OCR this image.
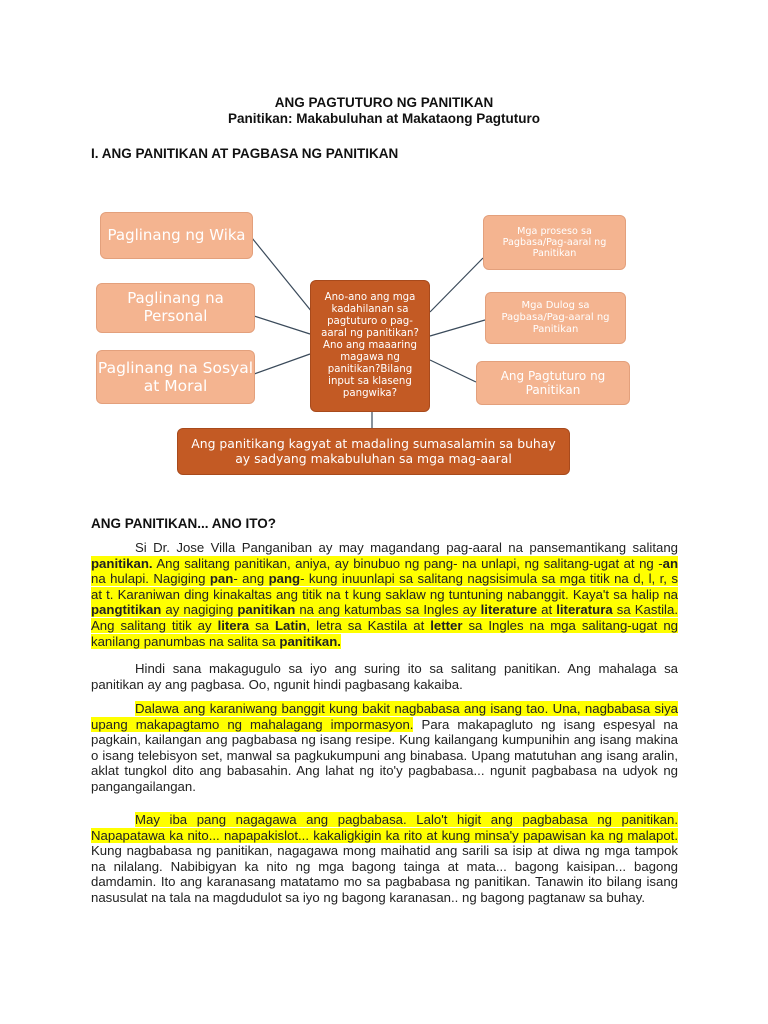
ANG PAGTUTURO NG PANITIKAN
Panitikan: Makabuluhan at Makataong Pagtuturo
I. ANG PANITIKAN AT PAGBASA NG PANITIKAN
Paglinang ng Wika
Paglinang na Personal
Paglinang na Sosyal at Moral
Mga proseso sa Pagbasa/Pag-aaral ng Panitikan
Mga Dulog sa Pagbasa/Pag-aaral ng Panitikan
Ang Pagtuturo ng Panitikan
Ano-ano ang mga kadahilanan sa pagtuturo o pag-aaral ng panitikan? Ano ang maaaring magawa ng panitikan?Bilang input sa klaseng pangwika?
Ang panitikang kagyat at madaling sumasalamin sa buhay ay sadyang makabuluhan sa mga mag-aaral
ANG PANITIKAN... ANO ITO?

Si Dr. Jose Villa Panganiban ay may magandang pag-aaral na pansemantikang salitang panitikan. Ang salitang panitikan, aniya, ay binubuo ng pang- na unlapi, ng salitang-ugat at ng -an na hulapi. Nagiging pan- ang pang- kung inuunlapi sa salitang nagsisimula sa mga titik na d, l, r, s at t. Karaniwan ding kinakaltas ang titik na t kung saklaw ng tuntuning nabanggit. Kaya't sa halip na pangtitikan ay nagiging panitikan na ang katumbas sa Ingles ay literature at literatura sa Kastila. Ang salitang titik ay litera sa Latin, letra sa Kastila at letter sa Ingles na mga salitang-ugat ng kanilang panumbas na salita sa panitikan.

Hindi sana makagugulo sa iyo ang suring ito sa salitang panitikan. Ang mahalaga sa panitikan ay ang pagbasa. Oo, ngunit hindi pagbasang kakaiba.

Dalawa ang karaniwang banggit kung bakit nagbabasa ang isang tao. Una, nagbabasa siya upang makapagtamo ng mahalagang impormasyon. Para makapagluto ng isang espesyal na pagkain, kailangan ang pagbabasa ng isang resipe. Kung kailangang kumpunihin ang isang makina o isang telebisyon set, manwal sa pagkukumpuni ang binabasa. Upang matutuhan ang isang aralin, aklat tungkol dito ang babasahin. Ang lahat ng ito'y pagbabasa... ngunit pagbabasa na udyok ng pangangailangan.

May iba pang nagagawa ang pagbabasa. Lalo't higit ang pagbabasa ng panitikan. Napapatawa ka nito... napapakislot... kakaligkigin ka rito at kung minsa'y papawisan ka ng malapot. Kung nagbabasa ng panitikan, nagagawa mong maihatid ang sarili sa isip at diwa ng mga tampok na nilalang. Nabibigyan ka nito ng mga bagong tainga at mata... bagong kaisipan... bagong damdamin. Ito ang karanasang matatamo mo sa pagbabasa ng panitikan. Tanawin ito bilang isang nasusulat na tala na magdudulot sa iyo ng bagong karanasan.. ng bagong pagtanaw sa buhay.
